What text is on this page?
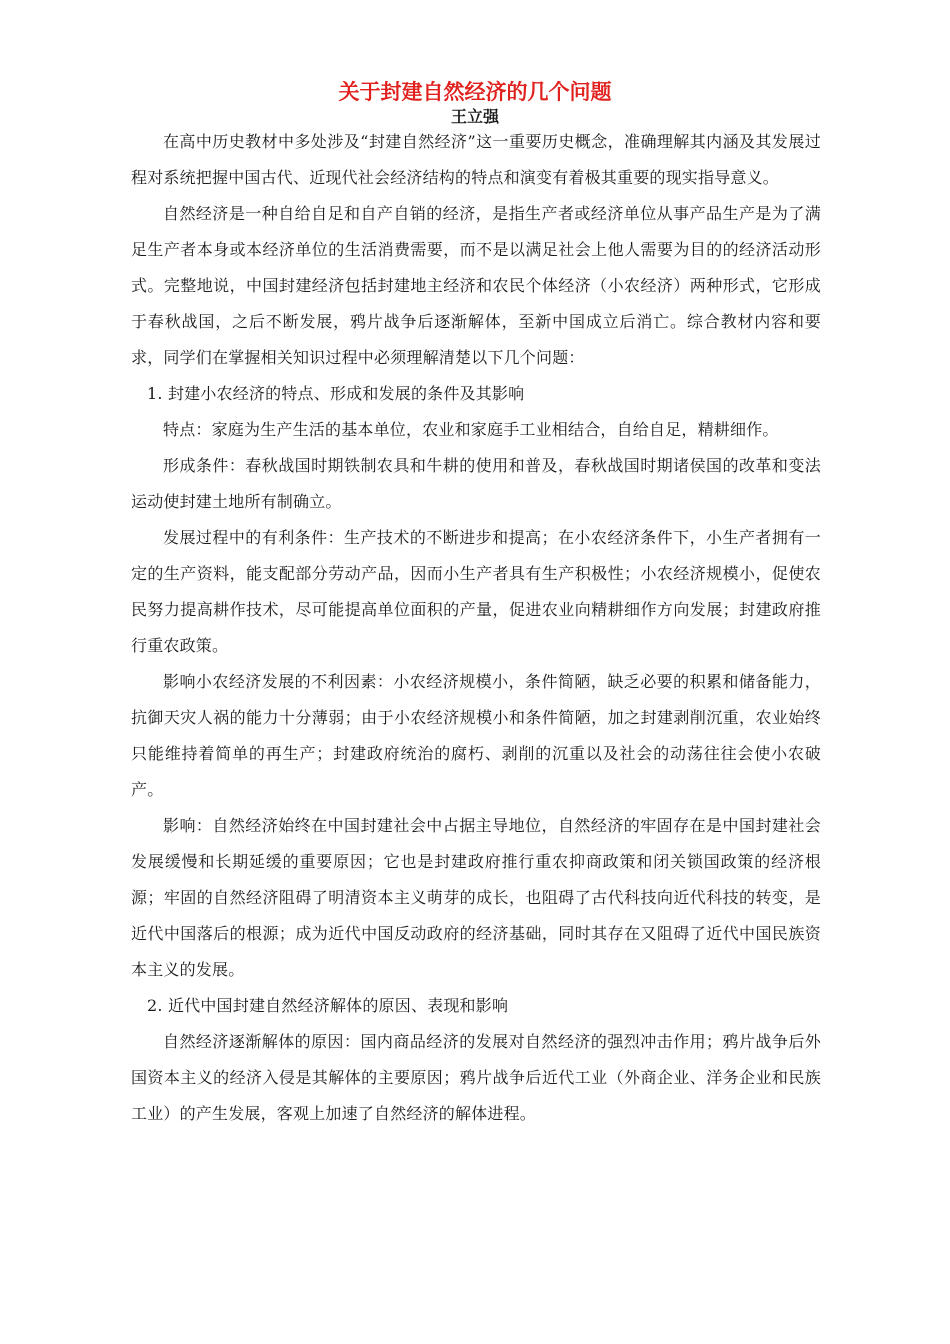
关于封建自然经济的几个问题
王立强

在高中历史教材中多处涉及“封建自然经济”这一重要历史概念，准确理解其内涵及其发展过程对系统把握中国古代、近现代社会经济结构的特点和演变有着极其重要的现实指导意义。

自然经济是一种自给自足和自产自销的经济，是指生产者或经济单位从事产品生产是为了满足生产者本身或本经济单位的生活消费需要，而不是以满足社会上他人需要为目的的经济活动形式。完整地说，中国封建经济包括封建地主经济和农民个体经济（小农经济）两种形式，它形成于春秋战国，之后不断发展，鸦片战争后逐渐解体，至新中国成立后消亡。综合教材内容和要求，同学们在掌握相关知识过程中必须理解清楚以下几个问题：

1. 封建小农经济的特点、形成和发展的条件及其影响

特点：家庭为生产生活的基本单位，农业和家庭手工业相结合，自给自足，精耕细作。

形成条件：春秋战国时期铁制农具和牛耕的使用和普及，春秋战国时期诸侯国的改革和变法运动使封建土地所有制确立。

发展过程中的有利条件：生产技术的不断进步和提高；在小农经济条件下，小生产者拥有一定的生产资料，能支配部分劳动产品，因而小生产者具有生产积极性；小农经济规模小，促使农民努力提高耕作技术，尽可能提高单位面积的产量，促进农业向精耕细作方向发展；封建政府推行重农政策。

影响小农经济发展的不利因素：小农经济规模小，条件简陋，缺乏必要的积累和储备能力，抗御天灾人祸的能力十分薄弱；由于小农经济规模小和条件简陋，加之封建剥削沉重，农业始终只能维持着简单的再生产；封建政府统治的腐朽、剥削的沉重以及社会的动荡往往会使小农破产。

影响：自然经济始终在中国封建社会中占据主导地位，自然经济的牢固存在是中国封建社会发展缓慢和长期延缓的重要原因；它也是封建政府推行重农抑商政策和闭关锁国政策的经济根源；牢固的自然经济阻碍了明清资本主义萌芽的成长，也阻碍了古代科技向近代科技的转变，是近代中国落后的根源；成为近代中国反动政府的经济基础，同时其存在又阻碍了近代中国民族资本主义的发展。

2. 近代中国封建自然经济解体的原因、表现和影响

自然经济逐渐解体的原因：国内商品经济的发展对自然经济的强烈冲击作用；鸦片战争后外国资本主义的经济入侵是其解体的主要原因；鸦片战争后近代工业（外商企业、洋务企业和民族工业）的产生发展，客观上加速了自然经济的解体进程。
